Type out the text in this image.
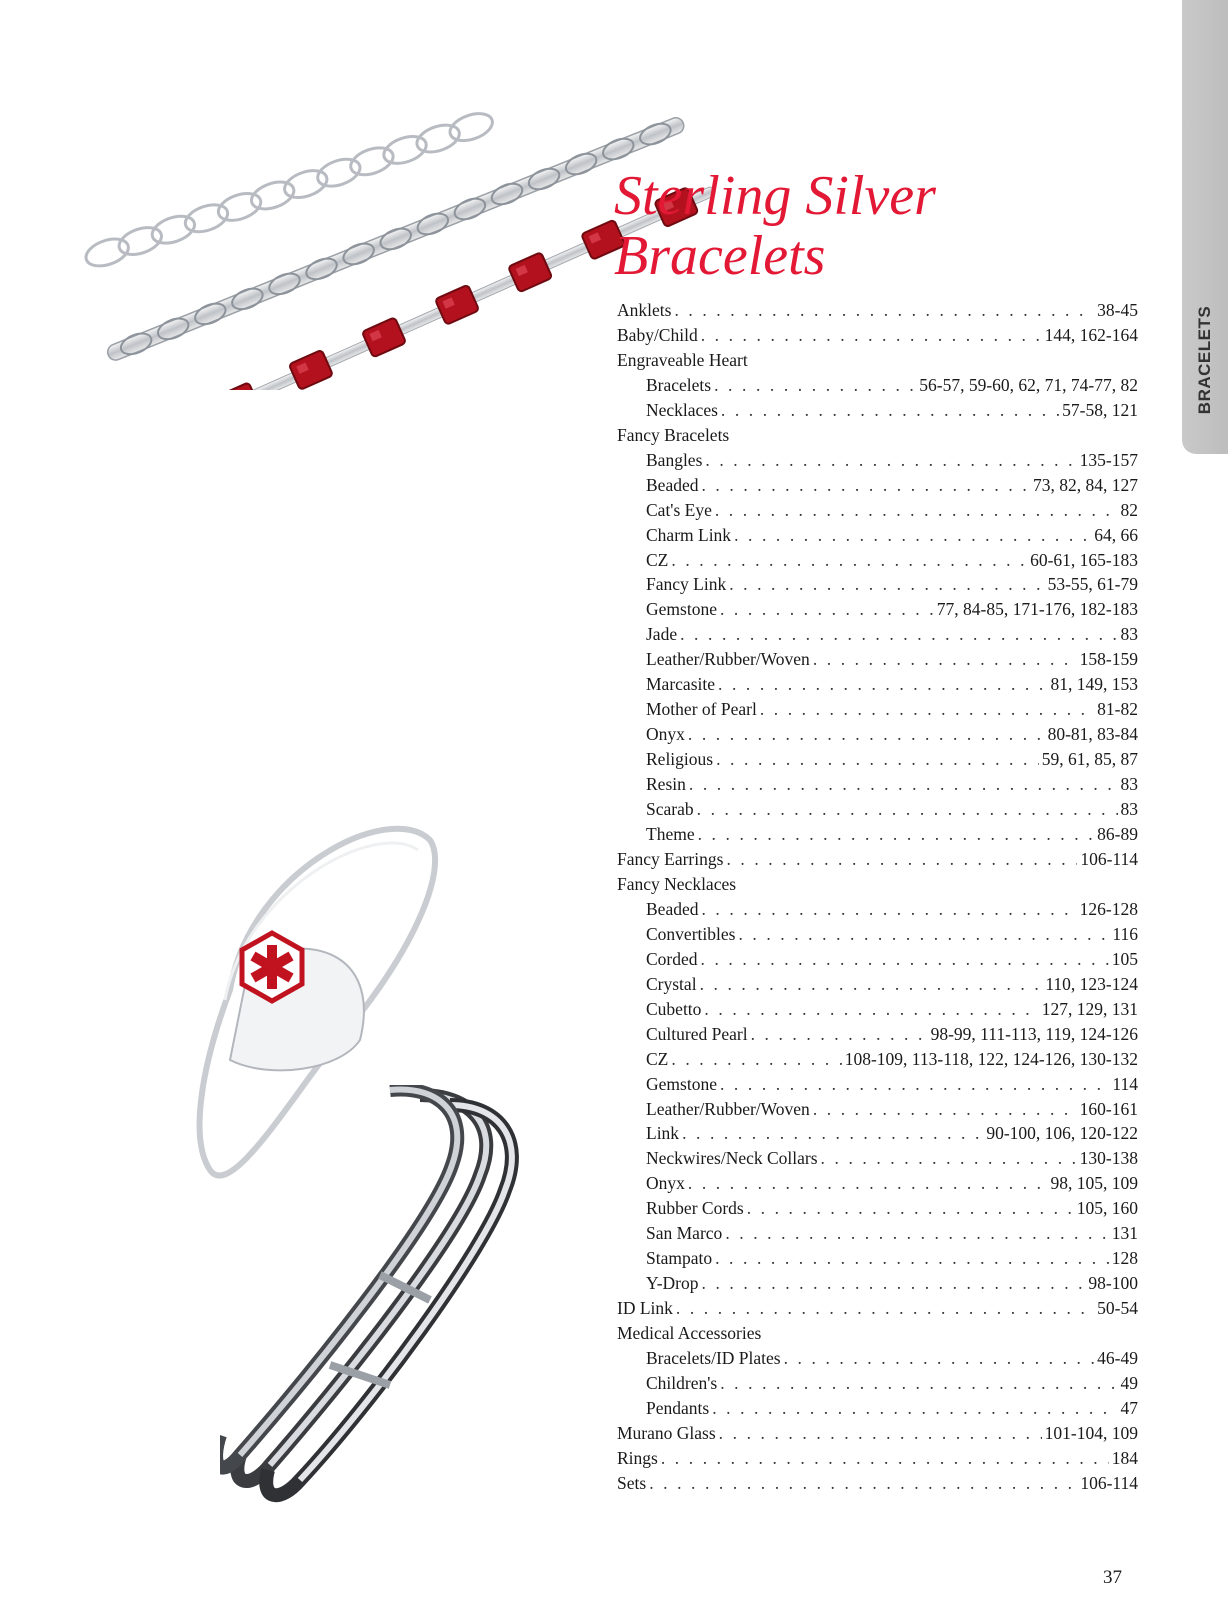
BRACELETS
Sterling Silver
Bracelets
Anklets . . .	38-45
Baby/Child . . .	144, 162-164
Engraveable Heart
Bracelets . . .	56-57, 59-60, 62, 71, 74-77, 82
Necklaces . . .	57-58, 121
Fancy Bracelets
Bangles . . .	135-157
Beaded . . .	73, 82, 84, 127
Cat's Eye . . .	82
Charm Link . . .	64, 66
CZ . . .	60-61, 165-183
Fancy Link . . .	53-55, 61-79
Gemstone . . .	77, 84-85, 171-176, 182-183
Jade . . .	83
Leather/Rubber/Woven . . .	158-159
Marcasite . . .	81, 149, 153
Mother of Pearl . . .	81-82
Onyx . . .	80-81, 83-84
Religious . . .	59, 61, 85, 87
Resin . . .	83
Scarab . . .	83
Theme . . .	86-89
Fancy Earrings . . .	106-114
Fancy Necklaces
Beaded . . .	126-128
Convertibles . . .	116
Corded . . .	105
Crystal . . .	110, 123-124
Cubetto . . .	127, 129, 131
Cultured Pearl . . .	98-99, 111-113, 119, 124-126
CZ . . .	108-109, 113-118, 122, 124-126, 130-132
Gemstone . . .	114
Leather/Rubber/Woven . . .	160-161
Link . . .	90-100, 106, 120-122
Neckwires/Neck Collars . . .	130-138
Onyx . . .	98, 105, 109
Rubber Cords . . .	105, 160
San Marco . . .	131
Stampato . . .	128
Y-Drop . . .	98-100
ID Link . . .	50-54
Medical Accessories
Bracelets/ID Plates . . .	46-49
Children's . . .	49
Pendants . . .	47
Murano Glass . . .	101-104, 109
Rings . . .	184
Sets . . .	106-114
37
